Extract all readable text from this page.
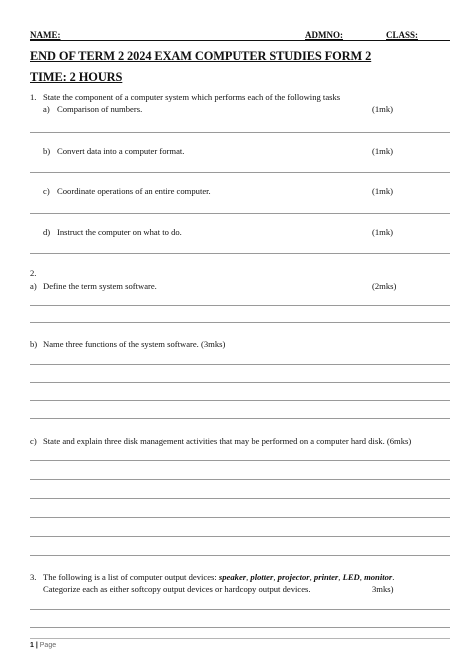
NAME:	ADMNO:	CLASS:
END OF TERM 2 2024 EXAM COMPUTER STUDIES FORM 2
TIME: 2 HOURS
1. State the component of a computer system which performs each of the following tasks
a) Comparison of numbers.	(1mk)
b) Convert data into a computer format.	(1mk)
c) Coordinate operations of an entire computer.	(1mk)
d) Instruct the computer on what to do.	(1mk)
2.
a) Define the term system software.	(2mks)
b) Name three functions of the system software. (3mks)
c) State and explain three disk management activities that may be performed on a computer hard disk. (6mks)
3. The following is a list of computer output devices: speaker, plotter, projector, printer, LED, monitor.
Categorize each as either softcopy output devices or hardcopy output devices.	3mks)
1 | Page
